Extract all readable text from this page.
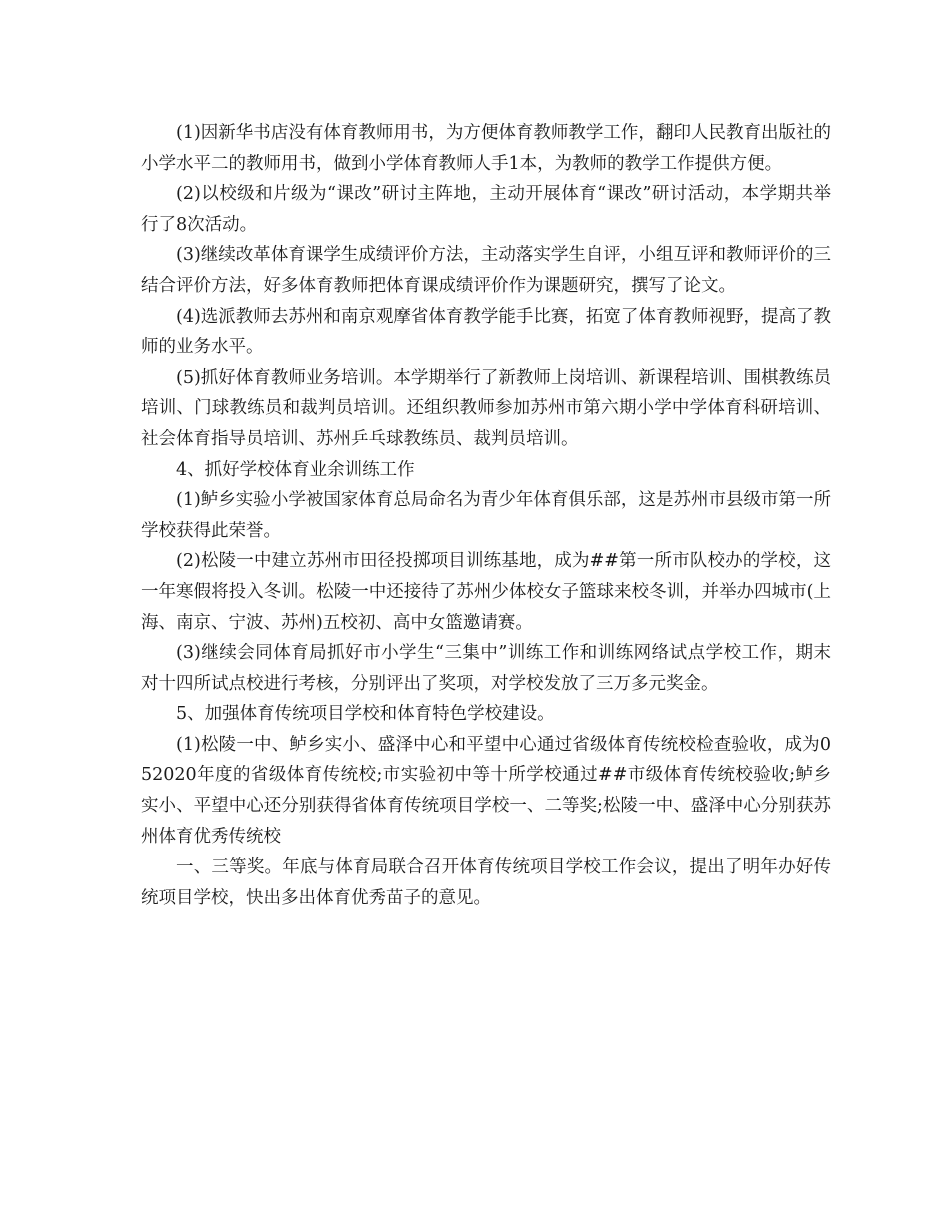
(1)因新华书店没有体育教师用书，为方便体育教师教学工作，翻印人民教育出版社的小学水平二的教师用书，做到小学体育教师人手1本，为教师的教学工作提供方便。

(2)以校级和片级为“课改”研讨主阵地，主动开展体育“课改”研讨活动，本学期共举行了8次活动。

(3)继续改革体育课学生成绩评价方法，主动落实学生自评，小组互评和教师评价的三结合评价方法，好多体育教师把体育课成绩评价作为课题研究，撰写了论文。

(4)选派教师去苏州和南京观摩省体育教学能手比赛，拓宽了体育教师视野，提高了教师的业务水平。

(5)抓好体育教师业务培训。本学期举行了新教师上岗培训、新课程培训、围棋教练员培训、门球教练员和裁判员培训。还组织教师参加苏州市第六期小学中学体育科研培训、社会体育指导员培训、苏州乒乓球教练员、裁判员培训。

4、抓好学校体育业余训练工作

(1)鲈乡实验小学被国家体育总局命名为青少年体育俱乐部，这是苏州市县级市第一所学校获得此荣誉。

(2)松陵一中建立苏州市田径投掷项目训练基地，成为##第一所市队校办的学校，这一年寒假将投入冬训。松陵一中还接待了苏州少体校女子篮球来校冬训，并举办四城市(上海、南京、宁波、苏州)五校初、高中女篮邀请赛。

(3)继续会同体育局抓好市小学生“三集中”训练工作和训练网络试点学校工作，期末对十四所试点校进行考核，分别评出了奖项，对学校发放了三万多元奖金。

5、加强体育传统项目学校和体育特色学校建设。

(1)松陵一中、鲈乡实小、盛泽中心和平望中心通过省级体育传统校检查验收，成为052020年度的省级体育传统校;市实验初中等十所学校通过##市级体育传统校验收;鲈乡实小、平望中心还分别获得省体育传统项目学校一、二等奖;松陵一中、盛泽中心分别获苏州体育优秀传统校

一、三等奖。年底与体育局联合召开体育传统项目学校工作会议，提出了明年办好传统项目学校，快出多出体育优秀苗子的意见。
